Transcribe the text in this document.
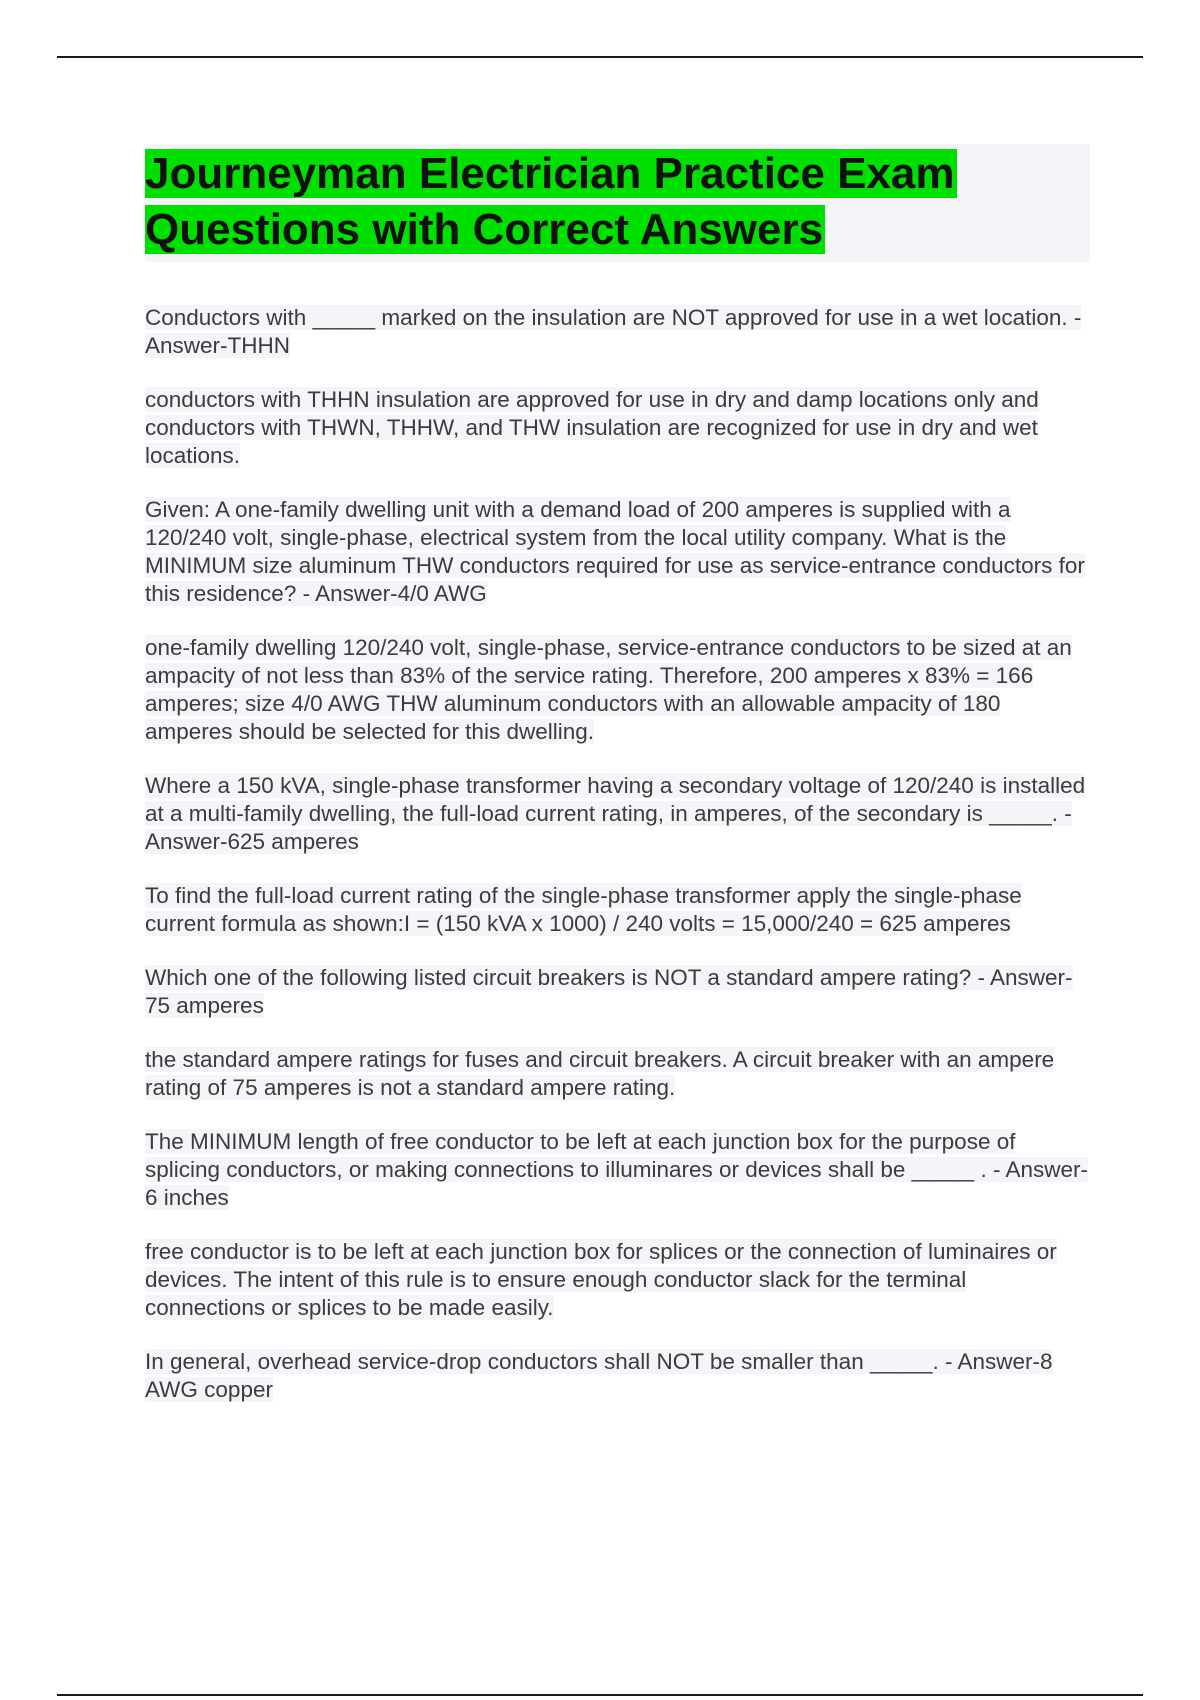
Journeyman Electrician Practice Exam Questions with Correct Answers

Conductors with _____ marked on the insulation are NOT approved for use in a wet location. - Answer-THHN

conductors with THHN insulation are approved for use in dry and damp locations only and conductors with THWN, THHW, and THW insulation are recognized for use in dry and wet locations.

Given: A one-family dwelling unit with a demand load of 200 amperes is supplied with a 120/240 volt, single-phase, electrical system from the local utility company. What is the MINIMUM size aluminum THW conductors required for use as service-entrance conductors for this residence? - Answer-4/0 AWG

one-family dwelling 120/240 volt, single-phase, service-entrance conductors to be sized at an ampacity of not less than 83% of the service rating. Therefore, 200 amperes x 83% = 166 amperes; size 4/0 AWG THW aluminum conductors with an allowable ampacity of 180 amperes should be selected for this dwelling.

Where a 150 kVA, single-phase transformer having a secondary voltage of 120/240 is installed at a multi-family dwelling, the full-load current rating, in amperes, of the secondary is _____. - Answer-625 amperes

To find the full-load current rating of the single-phase transformer apply the single-phase current formula as shown:I = (150 kVA x 1000) / 240 volts = 15,000/240 = 625 amperes

Which one of the following listed circuit breakers is NOT a standard ampere rating? - Answer-75 amperes

the standard ampere ratings for fuses and circuit breakers. A circuit breaker with an ampere rating of 75 amperes is not a standard ampere rating.

The MINIMUM length of free conductor to be left at each junction box for the purpose of splicing conductors, or making connections to illuminares or devices shall be _____ . - Answer-6 inches

free conductor is to be left at each junction box for splices or the connection of luminaires or devices. The intent of this rule is to ensure enough conductor slack for the terminal connections or splices to be made easily.

In general, overhead service-drop conductors shall NOT be smaller than _____. - Answer-8 AWG copper
